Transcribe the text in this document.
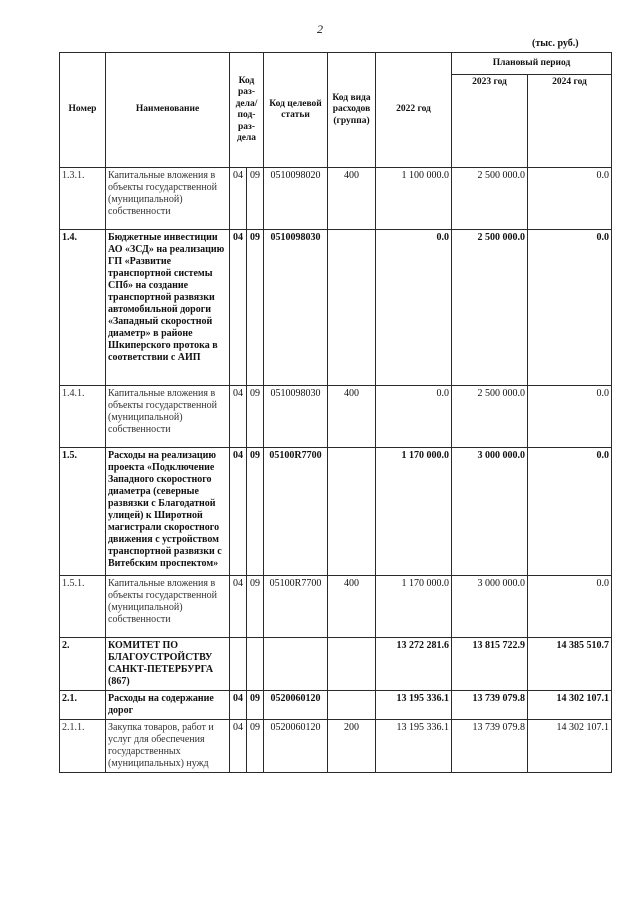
2
(тыс. руб.)
Номер	Наименование	Код раз-дела/ под-раз-дела		Код целевой статьи	Код вида расходов (группа)	2022 год	Плановый период	
							2023 год	2024 год
1.3.1.	Капитальные вложения в объекты государственной (муниципальной) собственности	04	09	0510098020	400	1 100 000.0	2 500 000.0	0.0
1.4.	Бюджетные инвестиции АО «ЗСД» на реализацию ГП «Развитие транспортной системы СПб» на создание транспортной развязки автомобильной дороги «Западный скоростной диаметр» в районе Шкиперского протока в соответствии с АИП	04	09	0510098030		0.0	2 500 000.0	0.0
1.4.1.	Капитальные вложения в объекты государственной (муниципальной) собственности	04	09	0510098030	400	0.0	2 500 000.0	0.0
1.5.	Расходы на реализацию проекта «Подключение Западного скоростного диаметра (северные развязки с Благодатной улицей) к Широтной магистрали скоростного движения с устройством транспортной развязки с Витебским проспектом»	04	09	05100R7700		1 170 000.0	3 000 000.0	0.0
1.5.1.	Капитальные вложения в объекты государственной (муниципальной) собственности	04	09	05100R7700	400	1 170 000.0	3 000 000.0	0.0
2.	КОМИТЕТ ПО БЛАГОУСТРОЙСТВУ САНКТ-ПЕТЕРБУРГА (867)					13 272 281.6	13 815 722.9	14 385 510.7
2.1.	Расходы на содержание дорог	04	09	0520060120		13 195 336.1	13 739 079.8	14 302 107.1
2.1.1.	Закупка товаров, работ и услуг для обеспечения государственных (муниципальных) нужд	04	09	0520060120	200	13 195 336.1	13 739 079.8	14 302 107.1
